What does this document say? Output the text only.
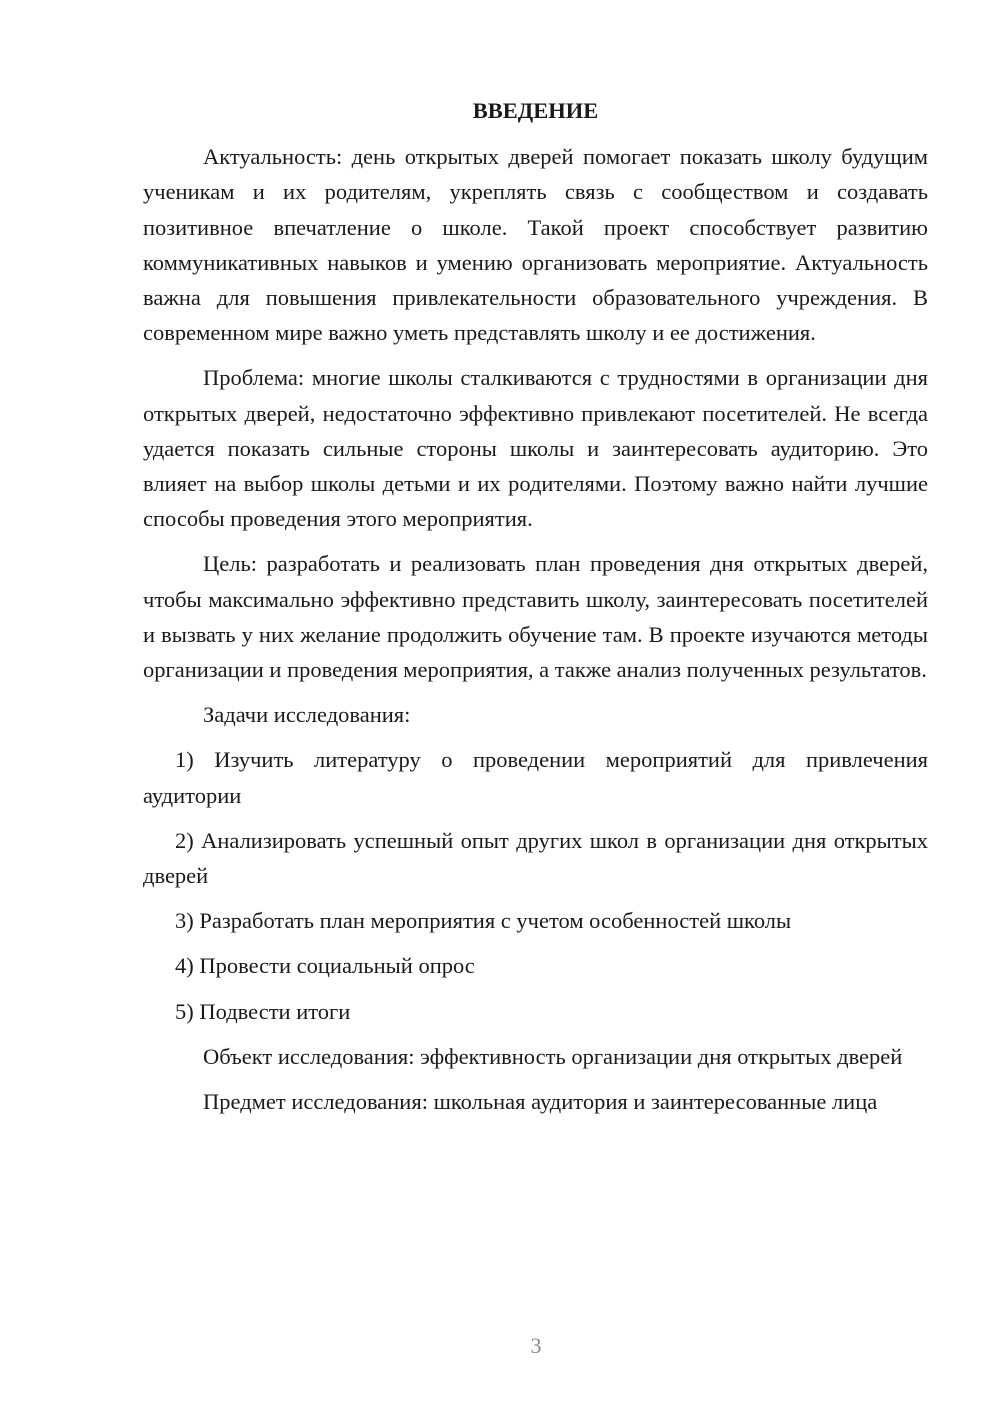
ВВЕДЕНИЕ

Актуальность: день открытых дверей помогает показать школу будущим ученикам и их родителям, укреплять связь с сообществом и создавать позитивное впечатление о школе. Такой проект способствует развитию коммуникативных навыков и умению организовать мероприятие. Актуальность важна для повышения привлекательности образовательного учреждения. В современном мире важно уметь представлять школу и ее достижения.

Проблема: многие школы сталкиваются с трудностями в организации дня открытых дверей, недостаточно эффективно привлекают посетителей. Не всегда удается показать сильные стороны школы и заинтересовать аудиторию. Это влияет на выбор школы детьми и их родителями. Поэтому важно найти лучшие способы проведения этого мероприятия.

Цель: разработать и реализовать план проведения дня открытых дверей, чтобы максимально эффективно представить школу, заинтересовать посетителей и вызвать у них желание продолжить обучение там. В проекте изучаются методы организации и проведения мероприятия, а также анализ полученных результатов.

Задачи исследования:

1) Изучить литературу о проведении мероприятий для привлечения аудитории

2) Анализировать успешный опыт других школ в организации дня открытых дверей

3) Разработать план мероприятия с учетом особенностей школы

4) Провести социальный опрос

5) Подвести итоги

Объект исследования: эффективность организации дня открытых дверей

Предмет исследования: школьная аудитория и заинтересованные лица

3
